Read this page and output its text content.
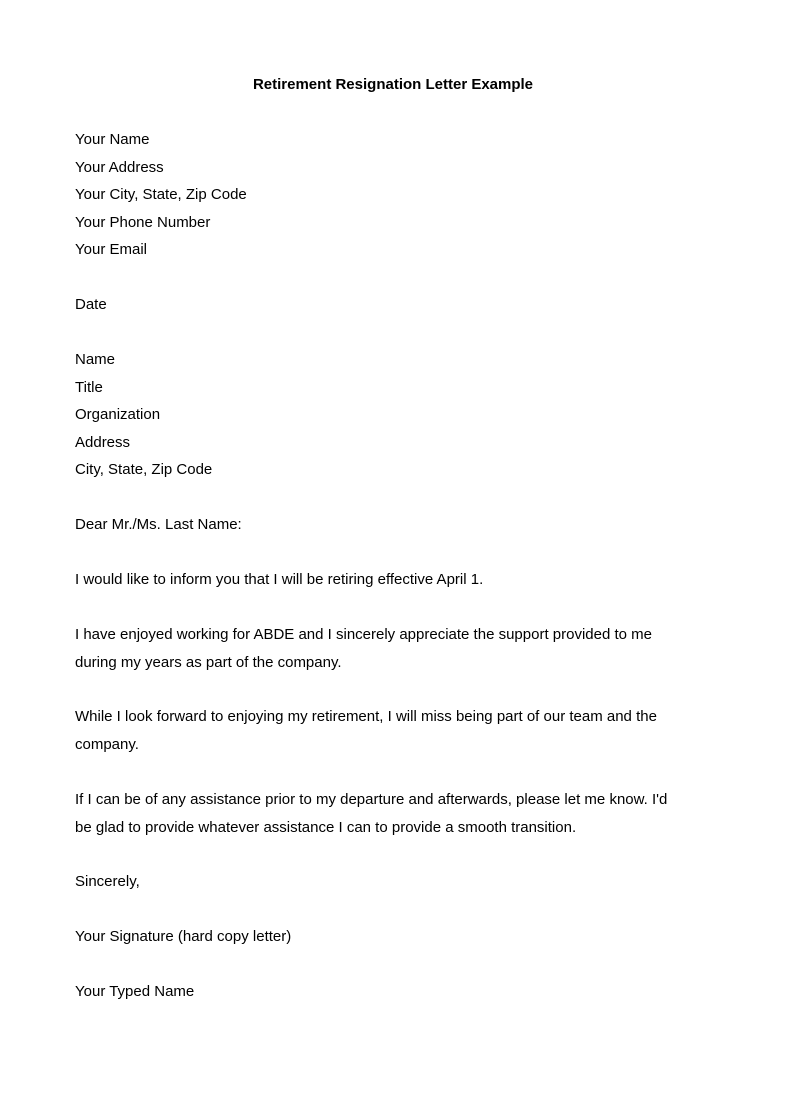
Retirement Resignation Letter Example
Your Name
Your Address
Your City, State, Zip Code
Your Phone Number
Your Email
Date
Name
Title
Organization
Address
City, State, Zip Code
Dear Mr./Ms. Last Name:

I would like to inform you that I will be retiring effective April 1.

I have enjoyed working for ABDE and I sincerely appreciate the support provided to me
during my years as part of the company.

While I look forward to enjoying my retirement, I will miss being part of our team and the
company.

If I can be of any assistance prior to my departure and afterwards, please let me know. I'd
be glad to provide whatever assistance I can to provide a smooth transition.

Sincerely,
Your Signature (hard copy letter)
Your Typed Name
